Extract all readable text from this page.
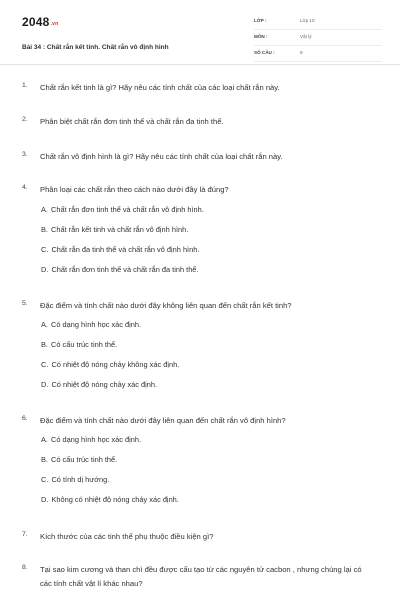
2048.vn
Bài 34 : Chất rắn kết tinh. Chất rắn vô định hình
LỚP :	Lớp 10
MÔN :	Vật lý
SỐ CÂU :	9
1. Chất rắn kết tinh là gì? Hãy nêu các tính chất của các loại chất rắn này.
2. Phân biệt chất rắn đơn tinh thể và chất rắn đa tinh thể.
3. Chất rắn vô định hình là gì? Hãy nêu các tính chất của loại chất rắn này.
4. Phân loại các chất rắn theo cách nào dưới đây là đúng?
A. Chất rắn đơn tinh thể và chất rắn vô định hình.
B. Chất rắn kết tinh và chất rắn vô định hình.
C. Chất rắn đa tinh thể và chất rắn vô định hình.
D. Chất rắn đơn tinh thể và chất rắn đa tinh thể.
5. Đặc điểm và tính chất nào dưới đây không liên quan đến chất rắn kết tinh?
A. Có dạng hình học xác định.
B. Có cấu trúc tinh thể.
C. Có nhiệt độ nóng chảy không xác định.
D. Có nhiệt độ nóng chảy xác định.
6. Đặc điểm và tính chất nào dưới đây liên quan đến chất rắn vô định hình?
A. Có dạng hình học xác định.
B. Có cấu trúc tinh thể.
C. Có tính dị hướng.
D. Không có nhiệt độ nóng chảy xác định.
7. Kích thước của các tinh thể phụ thuộc điều kiện gì?
8. Tại sao kim cương và than chì đều được cấu tạo từ các nguyên tử cacbon , nhưng chúng lại có các tính chất vật lí khác nhau?
